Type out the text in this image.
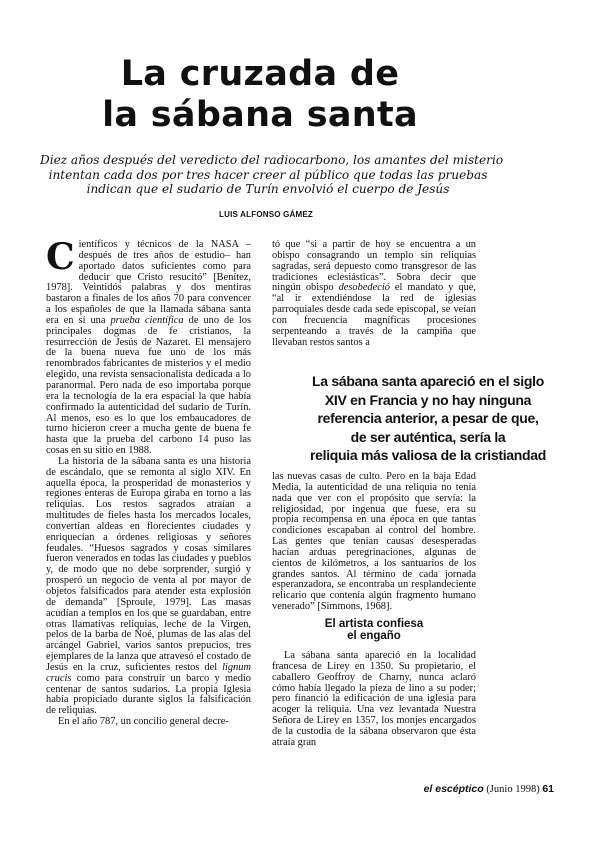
La cruzada de
la sábana santa

Diez años después del veredicto del radiocarbono, los amantes del misterio
intentan cada dos por tres hacer creer al público que todas las pruebas
indican que el sudario de Turín envolvió el cuerpo de Jesús

LUIS ALFONSO GÁMEZ

Científicos y técnicos de la NASA –después de tres años de estudio– han aportado datos suficientes como para deducir que Cristo resucitó” [Benítez, 1978]. Veintidós palabras y dos mentiras bastaron a finales de los años 70 para convencer a los españoles de que la llamada sábana santa era en sí una prueba científica de uno de los principales dogmas de fe cristianos, la resurrección de Jesús de Nazaret. El mensajero de la buena nueva fue uno de los más renombrados fabricantes de misterios y el medio elegido, una revista sensacionalista dedicada a lo paranormal. Pero nada de eso importaba porque era la tecnología de la era espacial la que había confirmado la autenticidad del sudario de Turín. Al menos, eso es lo que los embaucadores de turno hicieron creer a mucha gente de buena fe hasta que la prueba del carbono 14 puso las cosas en su sitio en 1988.

La historia de la sábana santa es una historia de escándalo, que se remonta al siglo XIV. En aquella época, la prosperidad de monasterios y regiones enteras de Europa giraba en torno a las reliquias. Los restos sagrados atraían a multitudes de fieles hasta los mercados locales, convertían aldeas en florecientes ciudades y enriquecían a órdenes religiosas y señores feudales. “Huesos sagrados y cosas similares fueron venerados en todas las ciudades y pueblos y, de modo que no debe sorprender, surgió y prosperó un negocio de venta al por mayor de objetos falsificados para atender esta explosión de demanda” [Sproule, 1979]. Las masas acudían a templos en los que se guardaban, entre otras llamativas reliquias, leche de la Virgen, pelos de la barba de Noé, plumas de las alas del arcángel Gabriel, varios santos prepucios, tres ejemplares de la lanza que atravesó el costado de Jesús en la cruz, suficientes restos del lignum crucis como para construir un barco y medio centenar de santos sudarios. La propia Iglesia había propiciado durante siglos la falsificación de reliquias.

En el año 787, un concilio general decre-

tó que “si a partir de hoy se encuentra a un obispo consagrando un templo sin reliquias sagradas, será depuesto como transgresor de las tradiciones eclesiásticas”. Sobra decir que ningún obispo desobedeció el mandato y que, “al ir extendiéndose la red de iglesias parroquiales desde cada sede episcopal, se veían con frecuencia magníficas procesiones serpenteando a través de la campiña que llevaban restos santos a

La sábana santa apareció en el siglo
XIV en Francia y no hay ninguna
referencia anterior, a pesar de que,
de ser auténtica, sería la
reliquia más valiosa de la cristiandad

las nuevas casas de culto. Pero en la baja Edad Media, la autenticidad de una reliquia no tenía nada que ver con el propósito que servía: la religiosidad, por ingenua que fuese, era su propia recompensa en una época en que tantas condiciones escapaban al control del hombre. Las gentes que tenían causas desesperadas hacían arduas peregrinaciones, algunas de cientos de kilómetros, a los santuarios de los grandes santos. Al término de cada jornada esperanzadora, se encontraba un resplandeciente relicario que contenía algún fragmento humano venerado” [Simmons, 1968].

El artista confiesa
el engaño

La sábana santa apareció en la localidad francesa de Lirey en 1350. Su propietario, el caballero Geoffroy de Charny, nunca aclaró cómo había llegado la pieza de lino a su poder; pero financió la edificación de una iglesia para acoger la reliquia. Una vez levantada Nuestra Señora de Lirey en 1357, los monjes encargados de la custodia de la sábana observaron que ésta atraía gran

el escéptico (Junio 1998) 61
